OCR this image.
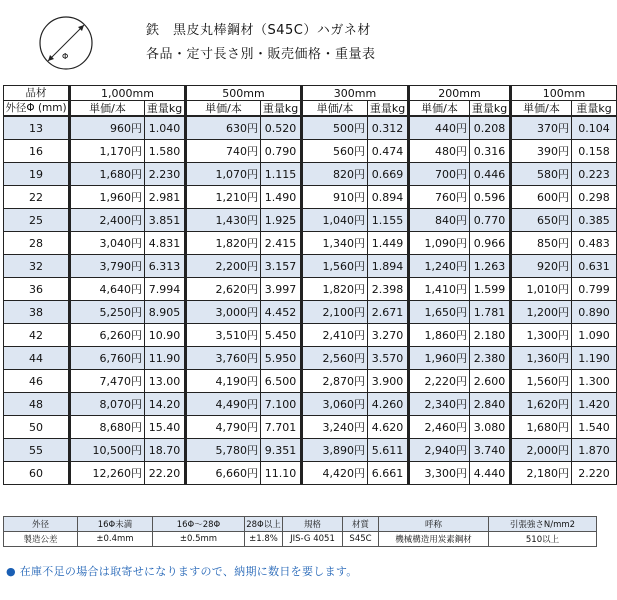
Φ
鉄　黒皮丸棒鋼材（S45C）ハガネ材
各品・定寸長さ別・販売価格・重量表
品材	1,000mm		500mm		300mm		200mm		100mm	
外径Φ (mm)	単価/本	重量kg	単価/本	重量kg	単価/本	重量kg	単価/本	重量kg	単価/本	重量kg
13	960円	1.040	630円	0.520	500円	0.312	440円	0.208	370円	0.104
16	1,170円	1.580	740円	0.790	560円	0.474	480円	0.316	390円	0.158
19	1,680円	2.230	1,070円	1.115	820円	0.669	700円	0.446	580円	0.223
22	1,960円	2.981	1,210円	1.490	910円	0.894	760円	0.596	600円	0.298
25	2,400円	3.851	1,430円	1.925	1,040円	1.155	840円	0.770	650円	0.385
28	3,040円	4.831	1,820円	2.415	1,340円	1.449	1,090円	0.966	850円	0.483
32	3,790円	6.313	2,200円	3.157	1,560円	1.894	1,240円	1.263	920円	0.631
36	4,640円	7.994	2,620円	3.997	1,820円	2.398	1,410円	1.599	1,010円	0.799
38	5,250円	8.905	3,000円	4.452	2,100円	2.671	1,650円	1.781	1,200円	0.890
42	6,260円	10.90	3,510円	5.450	2,410円	3.270	1,860円	2.180	1,300円	1.090
44	6,760円	11.90	3,760円	5.950	2,560円	3.570	1,960円	2.380	1,360円	1.190
46	7,470円	13.00	4,190円	6.500	2,870円	3.900	2,220円	2.600	1,560円	1.300
48	8,070円	14.20	4,490円	7.100	3,060円	4.260	2,340円	2.840	1,620円	1.420
50	8,680円	15.40	4,790円	7.701	3,240円	4.620	2,460円	3.080	1,680円	1.540
55	10,500円	18.70	5,780円	9.351	3,890円	5.611	2,940円	3.740	2,000円	1.870
60	12,260円	22.20	6,660円	11.10	4,420円	6.661	3,300円	4.440	2,180円	2.220
外径	16Φ未満	16Φ〜28Φ	28Φ以上	規格	材質	呼称	引張強さN/mm2
製造公差	±0.4mm	±0.5mm	±1.8%	JIS-G 4051	S45C	機械構造用炭素鋼材	510以上
● 在庫不足の場合は取寄せになりますので、納期に数日を要します。
